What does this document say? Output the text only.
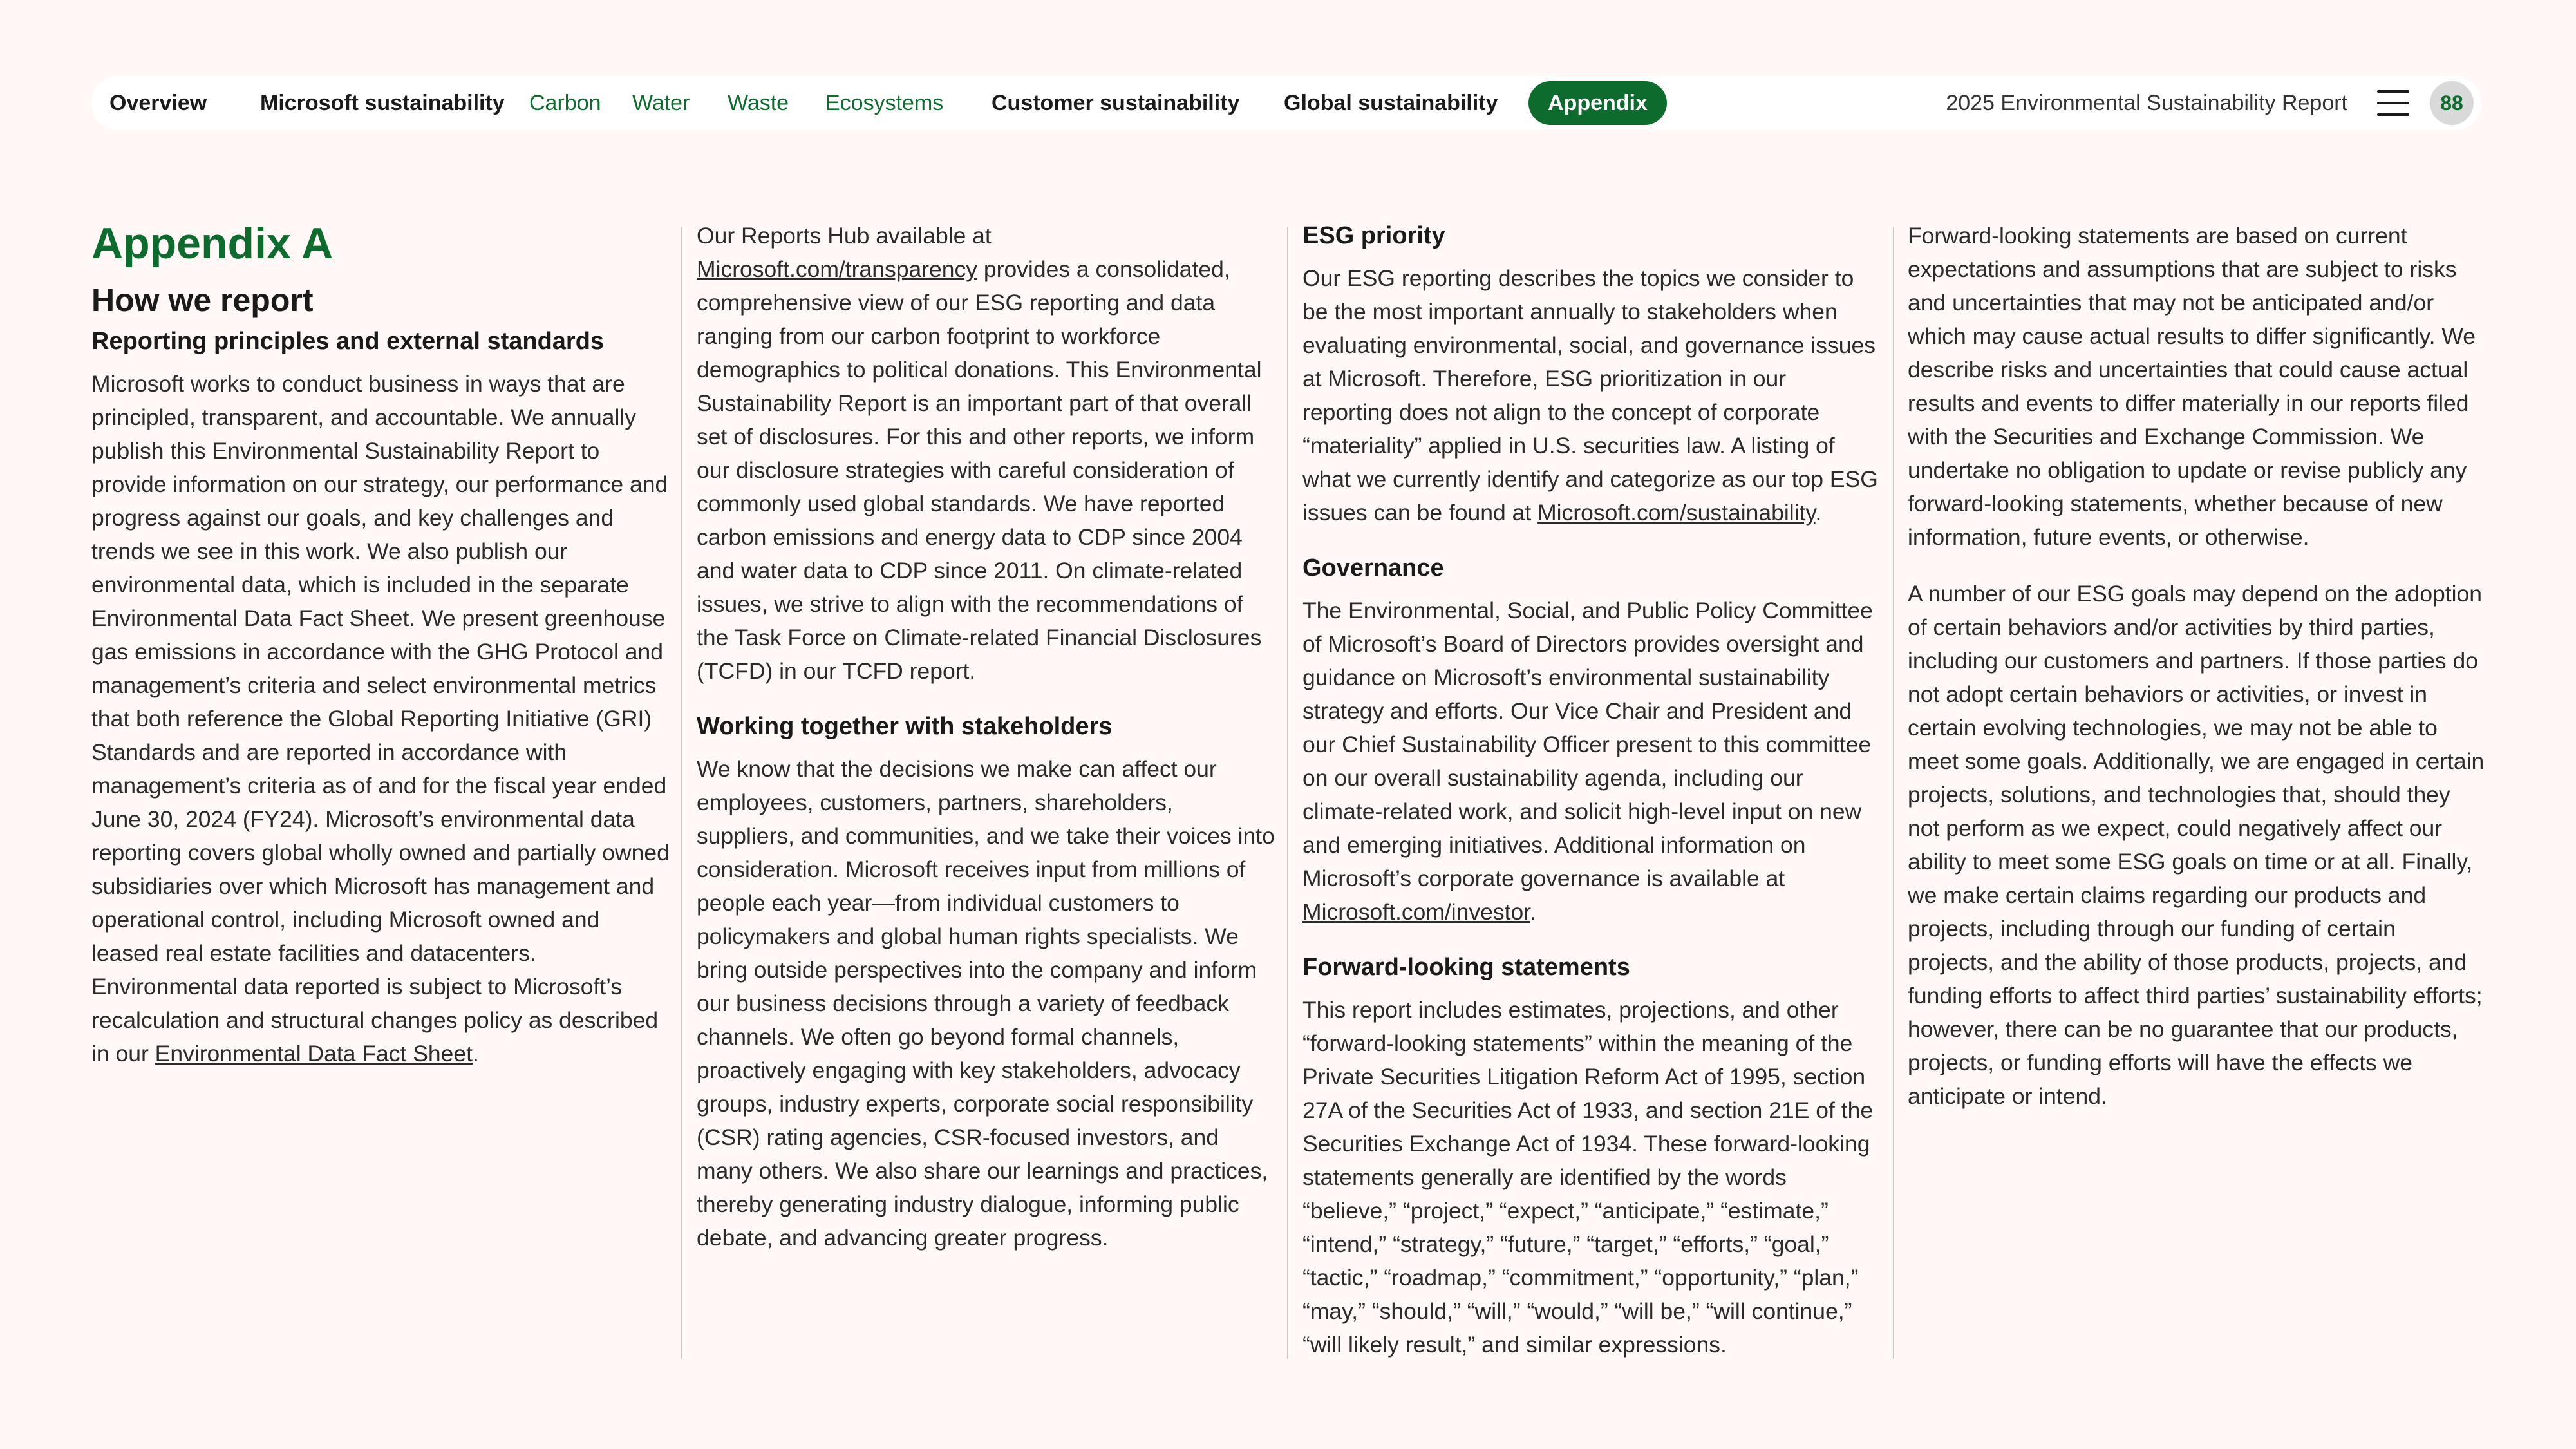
Overview Microsoft sustainability Carbon Water Waste Ecosystems Customer sustainability Global sustainability	Appendix	2025 Environmental Sustainability Report	88
Appendix A
How we report
Reporting principles and external standards

Microsoft works to conduct business in ways that are principled, transparent, and accountable. We annually publish this Environmental Sustainability Report to provide information on our strategy, our performance and progress against our goals, and key challenges and trends we see in this work. We also publish our environmental data, which is included in the separate Environmental Data Fact Sheet. We present greenhouse gas emissions in accordance with the GHG Protocol and management’s criteria and select environmental metrics that both reference the Global Reporting Initiative (GRI) Standards and are reported in accordance with management’s criteria as of and for the fiscal year ended June 30, 2024 (FY24). Microsoft’s environmental data reporting covers global wholly owned and partially owned subsidiaries over which Microsoft has management and operational control, including Microsoft owned and leased real estate facilities and datacenters. Environmental data reported is subject to Microsoft’s recalculation and structural changes policy as described in our Environmental Data Fact Sheet.

Our Reports Hub available at Microsoft.com/transparency provides a consolidated, comprehensive view of our ESG reporting and data ranging from our carbon footprint to workforce demographics to political donations. This Environmental Sustainability Report is an important part of that overall set of disclosures. For this and other reports, we inform our disclosure strategies with careful consideration of commonly used global standards. We have reported carbon emissions and energy data to CDP since 2004 and water data to CDP since 2011. On climate-related issues, we strive to align with the recommendations of the Task Force on Climate-related Financial Disclosures (TCFD) in our TCFD report.

Working together with stakeholders

We know that the decisions we make can affect our employees, customers, partners, shareholders, suppliers, and communities, and we take their voices into consideration. Microsoft receives input from millions of people each year—from individual customers to policymakers and global human rights specialists. We bring outside perspectives into the company and inform our business decisions through a variety of feedback channels. We often go beyond formal channels, proactively engaging with key stakeholders, advocacy groups, industry experts, corporate social responsibility (CSR) rating agencies, CSR-focused investors, and many others. We also share our learnings and practices, thereby generating industry dialogue, informing public debate, and advancing greater progress.

ESG priority

Our ESG reporting describes the topics we consider to be the most important annually to stakeholders when evaluating environmental, social, and governance issues at Microsoft. Therefore, ESG prioritization in our reporting does not align to the concept of corporate “materiality” applied in U.S. securities law. A listing of what we currently identify and categorize as our top ESG issues can be found at Microsoft.com/sustainability.

Governance

The Environmental, Social, and Public Policy Committee of Microsoft’s Board of Directors provides oversight and guidance on Microsoft’s environmental sustainability strategy and efforts. Our Vice Chair and President and our Chief Sustainability Officer present to this committee on our overall sustainability agenda, including our climate-related work, and solicit high-level input on new and emerging initiatives. Additional information on Microsoft’s corporate governance is available at Microsoft.com/investor.

Forward-looking statements

This report includes estimates, projections, and other “forward-looking statements” within the meaning of the Private Securities Litigation Reform Act of 1995, section 27A of the Securities Act of 1933, and section 21E of the Securities Exchange Act of 1934. These forward-looking statements generally are identified by the words “believe,” “project,” “expect,” “anticipate,” “estimate,” “intend,” “strategy,” “future,” “target,” “efforts,” “goal,” “tactic,” “roadmap,” “commitment,” “opportunity,” “plan,” “may,” “should,” “will,” “would,” “will be,” “will continue,” “will likely result,” and similar expressions.

Forward-looking statements are based on current expectations and assumptions that are subject to risks and uncertainties that may not be anticipated and/or which may cause actual results to differ significantly. We describe risks and uncertainties that could cause actual results and events to differ materially in our reports filed with the Securities and Exchange Commission. We undertake no obligation to update or revise publicly any forward-looking statements, whether because of new information, future events, or otherwise.

A number of our ESG goals may depend on the adoption of certain behaviors and/or activities by third parties, including our customers and partners. If those parties do not adopt certain behaviors or activities, or invest in certain evolving technologies, we may not be able to meet some goals. Additionally, we are engaged in certain projects, solutions, and technologies that, should they not perform as we expect, could negatively affect our ability to meet some ESG goals on time or at all. Finally, we make certain claims regarding our products and projects, including through our funding of certain projects, and the ability of those products, projects, and funding efforts to affect third parties’ sustainability efforts; however, there can be no guarantee that our products, projects, or funding efforts will have the effects we anticipate or intend.
